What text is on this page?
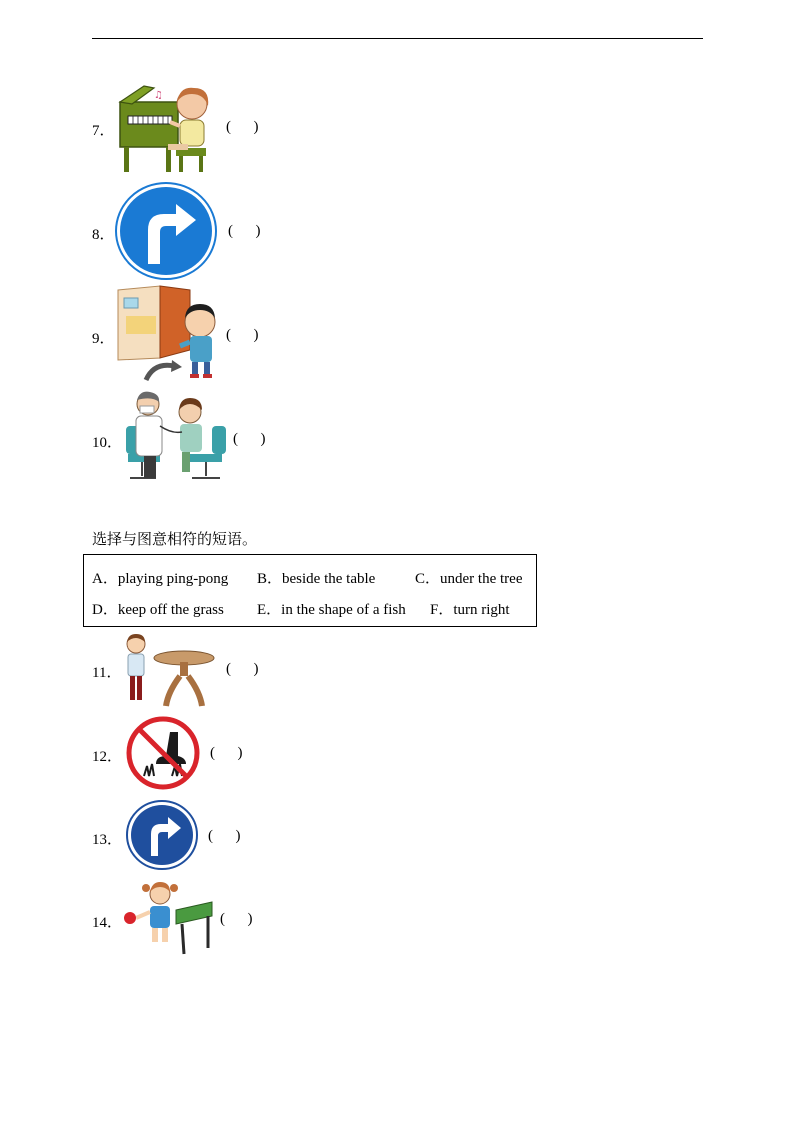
7．
♫
(      )
8．	(      )
9．	(      )
10．	(      )
选择与图意相符的短语。
A．playing ping-pong B．beside the table	C．under the tree
D．keep off the grass E．in the shape of a fish F．turn right
11．	(      )
12．	(      )
13．	(      )
14．	(      )
